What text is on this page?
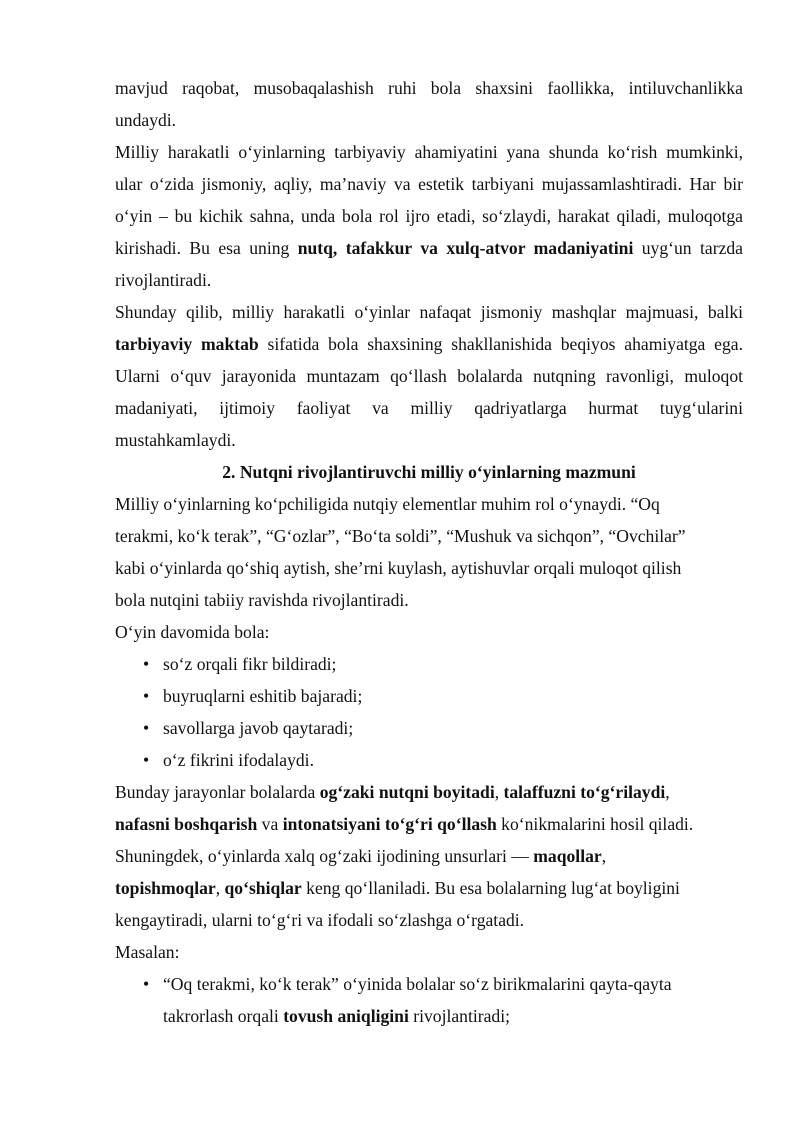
mavjud raqobat, musobaqalashish ruhi bola shaxsini faollikka, intiluvchanlikka
undaydi.
Milliy harakatli o‘yinlarning tarbiyaviy ahamiyatini yana shunda ko‘rish mumkinki,
ular o‘zida jismoniy, aqliy, ma’naviy va estetik tarbiyani mujassamlashtiradi. Har bir
o‘yin – bu kichik sahna, unda bola rol ijro etadi, so‘zlaydi, harakat qiladi, muloqotga
kirishadi. Bu esa uning nutq, tafakkur va xulq-atvor madaniyatini uyg‘un tarzda
rivojlantiradi.
Shunday qilib, milliy harakatli o‘yinlar nafaqat jismoniy mashqlar majmuasi, balki
tarbiyaviy maktab sifatida bola shaxsining shakllanishida beqiyos ahamiyatga ega.
Ularni o‘quv jarayonida muntazam qo‘llash bolalarda nutqning ravonligi, muloqot
madaniyati, ijtimoiy faoliyat va milliy qadriyatlarga hurmat tuyg‘ularini
mustahkamlaydi.
2. Nutqni rivojlantiruvchi milliy o‘yinlarning mazmuni
Milliy o‘yinlarning ko‘pchiligida nutqiy elementlar muhim rol o‘ynaydi. “Oq
terakmi, ko‘k terak”, “G‘ozlar”, “Bo‘ta soldi”, “Mushuk va sichqon”, “Ovchilar”
kabi o‘yinlarda qo‘shiq aytish, she’rni kuylash, aytishuvlar orqali muloqot qilish
bola nutqini tabiiy ravishda rivojlantiradi.
O‘yin davomida bola:
• so‘z orqali fikr bildiradi;
• buyruqlarni eshitib bajaradi;
• savollarga javob qaytaradi;
• o‘z fikrini ifodalaydi.
Bunday jarayonlar bolalarda og‘zaki nutqni boyitadi, talaffuzni to‘g‘rilaydi,
nafasni boshqarish va intonatsiyani to‘g‘ri qo‘llash ko‘nikmalarini hosil qiladi.
Shuningdek, o‘yinlarda xalq og‘zaki ijodining unsurlari — maqollar,
topishmoqlar, qo‘shiqlar keng qo‘llaniladi. Bu esa bolalarning lug‘at boyligini
kengaytiradi, ularni to‘g‘ri va ifodali so‘zlashga o‘rgatadi.
Masalan:
• “Oq terakmi, ko‘k terak” o‘yinida bolalar so‘z birikmalarini qayta-qayta
takrorlash orqali tovush aniqligini rivojlantiradi;
